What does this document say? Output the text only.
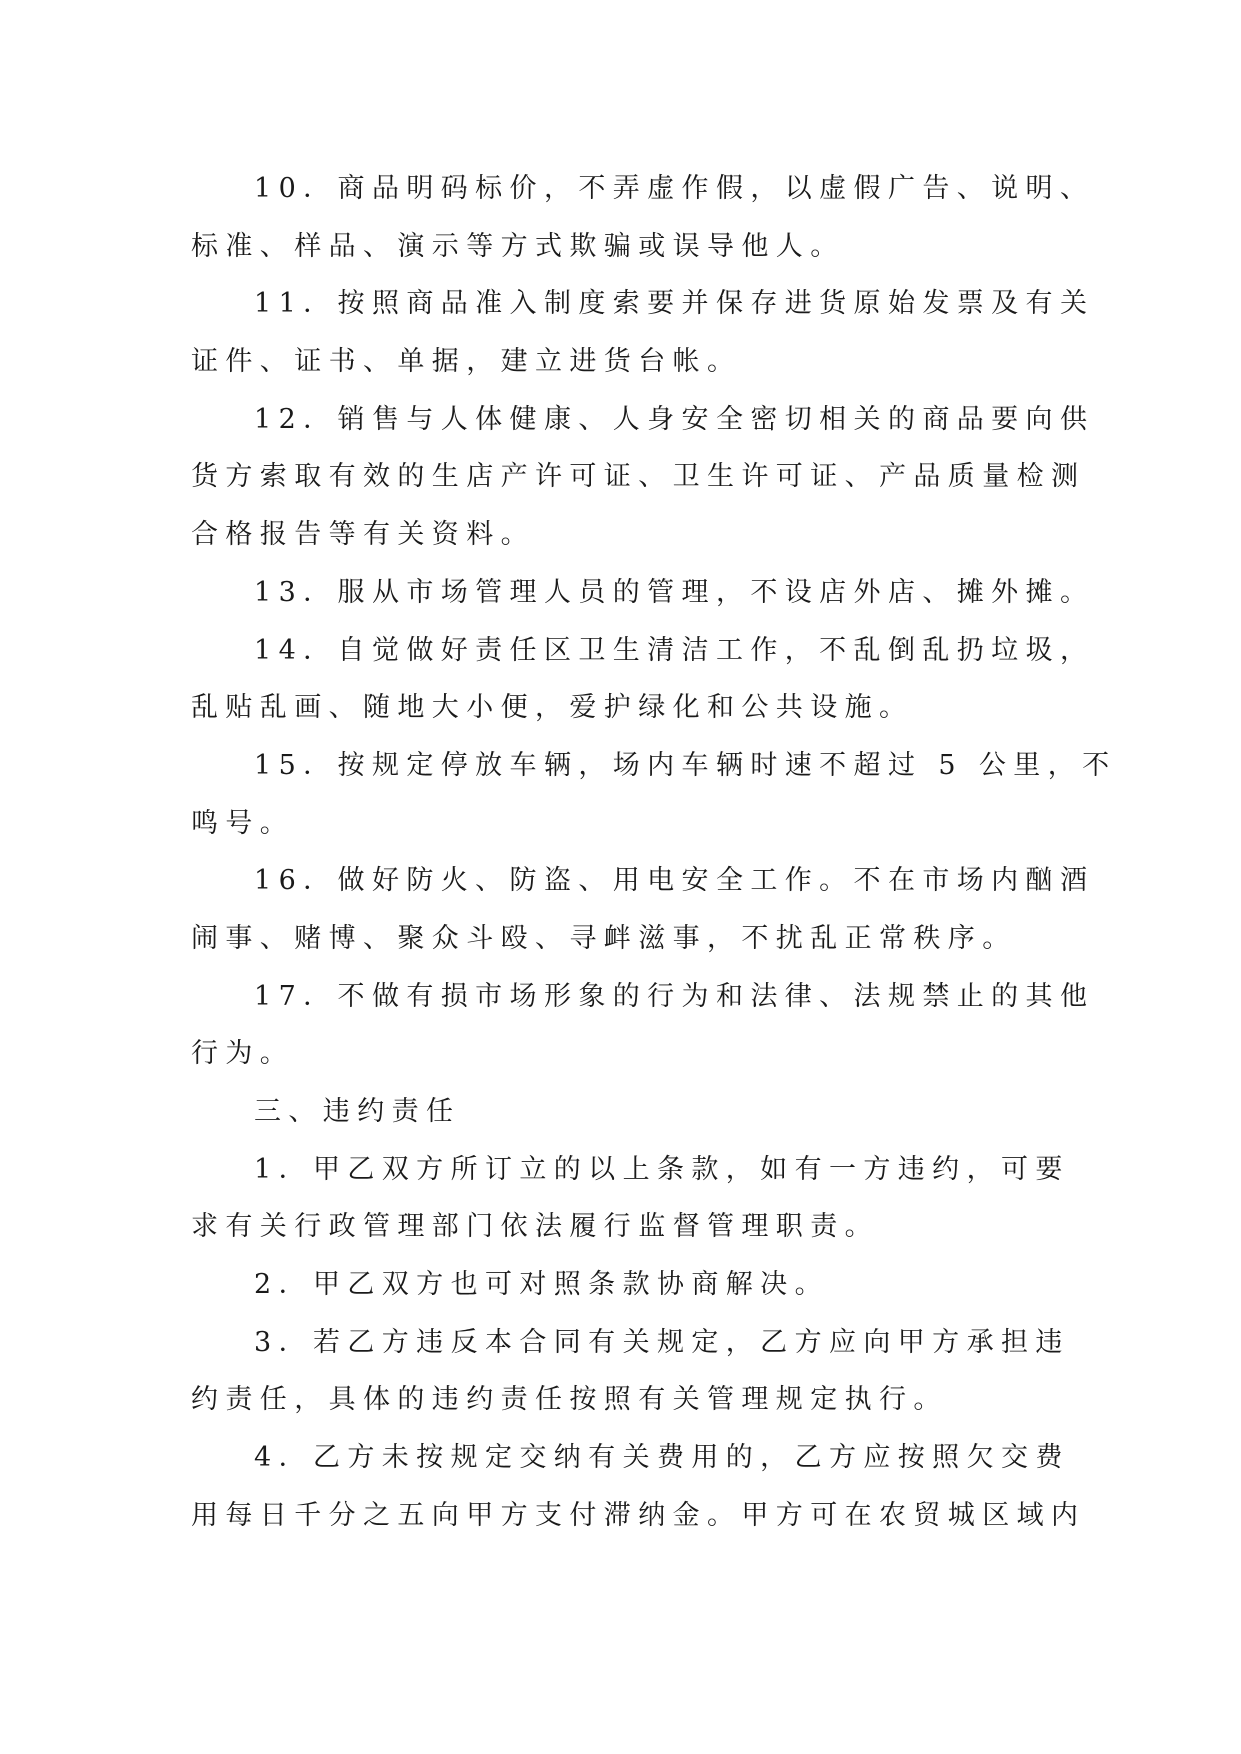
10．商品明码标价，不弄虚作假，以虚假广告、说明、
标准、样品、演示等方式欺骗或误导他人。
11．按照商品准入制度索要并保存进货原始发票及有关
证件、证书、单据，建立进货台帐。
12．销售与人体健康、人身安全密切相关的商品要向供
货方索取有效的生店产许可证、卫生许可证、产品质量检测
合格报告等有关资料。
13．服从市场管理人员的管理，不设店外店、摊外摊。
14．自觉做好责任区卫生清洁工作，不乱倒乱扔垃圾，
乱贴乱画、随地大小便，爱护绿化和公共设施。
15．按规定停放车辆，场内车辆时速不超过 5 公里，不
鸣号。
16．做好防火、防盗、用电安全工作。不在市场内酗酒
闹事、赌博、聚众斗殴、寻衅滋事，不扰乱正常秩序。
17．不做有损市场形象的行为和法律、法规禁止的其他
行为。
三、违约责任
1．甲乙双方所订立的以上条款，如有一方违约，可要
求有关行政管理部门依法履行监督管理职责。
2．甲乙双方也可对照条款协商解决。
3．若乙方违反本合同有关规定，乙方应向甲方承担违
约责任，具体的违约责任按照有关管理规定执行。
4．乙方未按规定交纳有关费用的，乙方应按照欠交费
用每日千分之五向甲方支付滞纳金。甲方可在农贸城区域内
